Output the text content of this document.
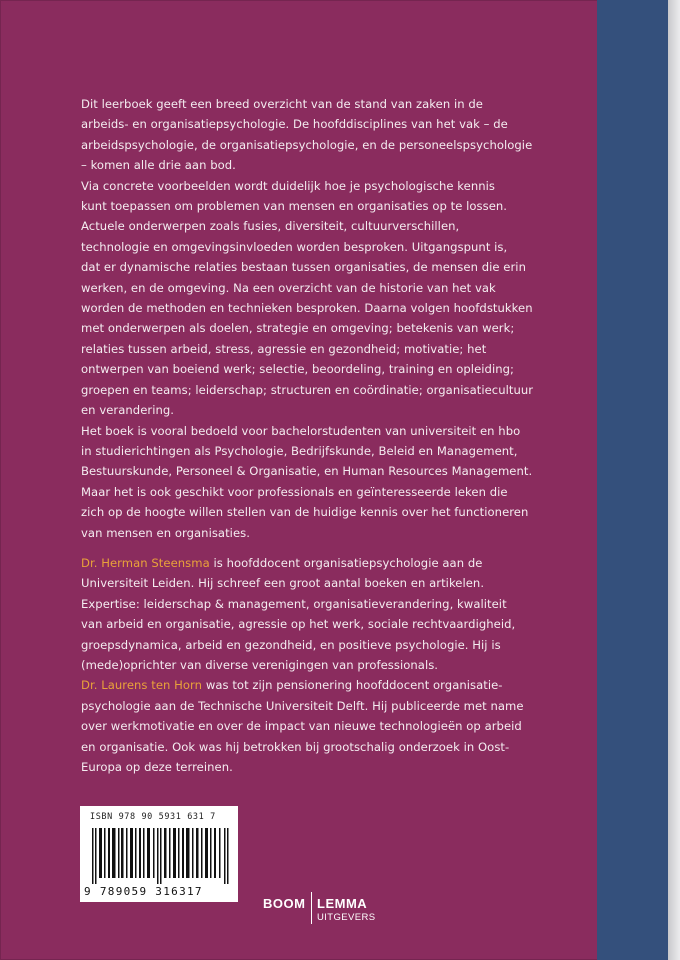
Dit leerboek geeft een breed overzicht van de stand van zaken in de
arbeids- en organisatiepsychologie. De hoofddisciplines van het vak – de
arbeidspsychologie, de organisatiepsychologie, en de personeelspsychologie
– komen alle drie aan bod.
Via concrete voorbeelden wordt duidelijk hoe je psychologische kennis
kunt toepassen om problemen van mensen en organisaties op te lossen.
Actuele onderwerpen zoals fusies, diversiteit, cultuurverschillen,
technologie en omgevingsinvloeden worden besproken. Uitgangspunt is,
dat er dynamische relaties bestaan tussen organisaties, de mensen die erin
werken, en de omgeving. Na een overzicht van de historie van het vak
worden de methoden en technieken besproken. Daarna volgen hoofdstukken
met onderwerpen als doelen, strategie en omgeving; betekenis van werk;
relaties tussen arbeid, stress, agressie en gezondheid; motivatie; het
ontwerpen van boeiend werk; selectie, beoordeling, training en opleiding;
groepen en teams; leiderschap; structuren en coördinatie; organisatiecultuur
en verandering.
Het boek is vooral bedoeld voor bachelorstudenten van universiteit en hbo
in studierichtingen als Psychologie, Bedrijfskunde, Beleid en Management,
Bestuurskunde, Personeel & Organisatie, en Human Resources Management.
Maar het is ook geschikt voor professionals en geïnteresseerde leken die
zich op de hoogte willen stellen van de huidige kennis over het functioneren
van mensen en organisaties.

Dr. Herman Steensma is hoofddocent organisatiepsychologie aan de
Universiteit Leiden. Hij schreef een groot aantal boeken en artikelen.
Expertise: leiderschap & management, organisatieverandering, kwaliteit
van arbeid en organisatie, agressie op het werk, sociale rechtvaardigheid,
groepsdynamica, arbeid en gezondheid, en positieve psychologie. Hij is
(mede)oprichter van diverse verenigingen van professionals.

Dr. Laurens ten Horn was tot zijn pensionering hoofddocent organisatie-
psychologie aan de Technische Universiteit Delft. Hij publiceerde met name
over werkmotivatie en over de impact van nieuwe technologieën op arbeid
en organisatie. Ook was hij betrokken bij grootschalig onderzoek in Oost-
Europa op deze terreinen.

ISBN 978 90 5931 631 7
9 789059 316317
BOOM LEMMA
UITGEVERS
